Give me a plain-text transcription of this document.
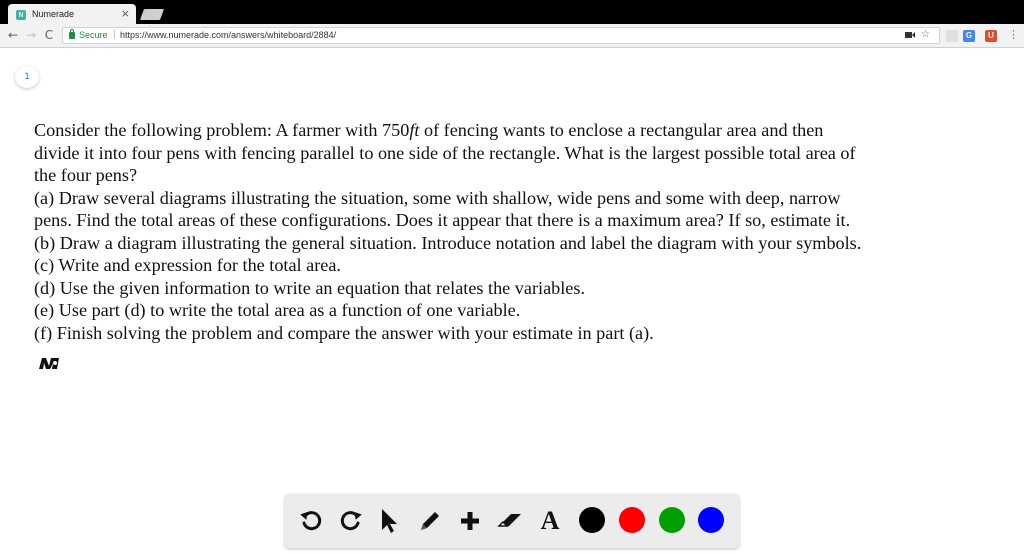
N Numerade	×
← → C	Secure | https://www.numerade.com/answers/whiteboard/2884/	☆	G	U ⋮
1

Consider the following problem: A farmer with 750ft of fencing wants to enclose a rectangular area and then

divide it into four pens with fencing parallel to one side of the rectangle. What is the largest possible total area of

the four pens?

(a) Draw several diagrams illustrating the situation, some with shallow, wide pens and some with deep, narrow

pens. Find the total areas of these configurations. Does it appear that there is a maximum area? If so, estimate it.

(b) Draw a diagram illustrating the general situation. Introduce notation and label the diagram with your symbols.

(c) Write and expression for the total area.

(d) Use the given information to write an equation that relates the variables.

(e) Use part (d) to write the total area as a function of one variable.

(f) Finish solving the problem and compare the answer with your estimate in part (a).

A
